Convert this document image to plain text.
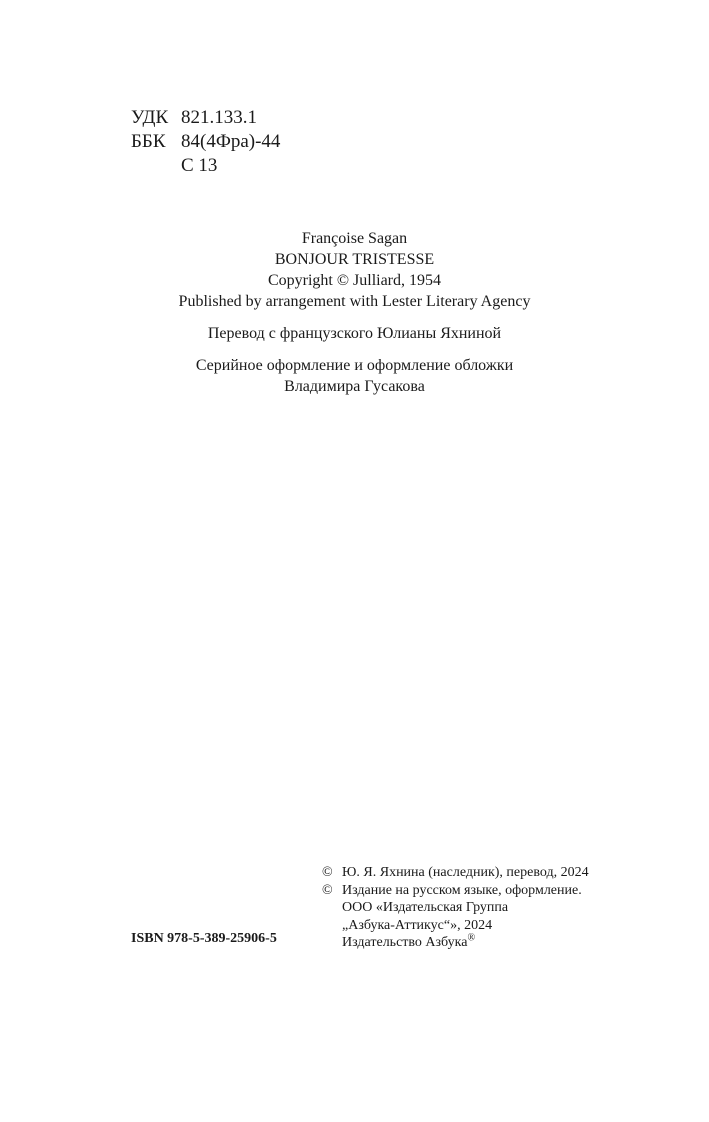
УДК 821.133.1
ББК 84(4Фра)-44
С 13
Françoise Sagan
BONJOUR TRISTESSE
Copyright © Julliard, 1954
Published by arrangement with Lester Literary Agency
Перевод с французского Юлианы Яхниной
Серийное оформление и оформление обложки
Владимира Гусакова
ISBN 978-5-389-25906-5
© Ю. Я. Яхнина (наследник), перевод, 2024
© Издание на русском языке, оформление.
ООО «Издательская Группа
„Азбука-Аттикус“», 2024
Издательство Азбука®
